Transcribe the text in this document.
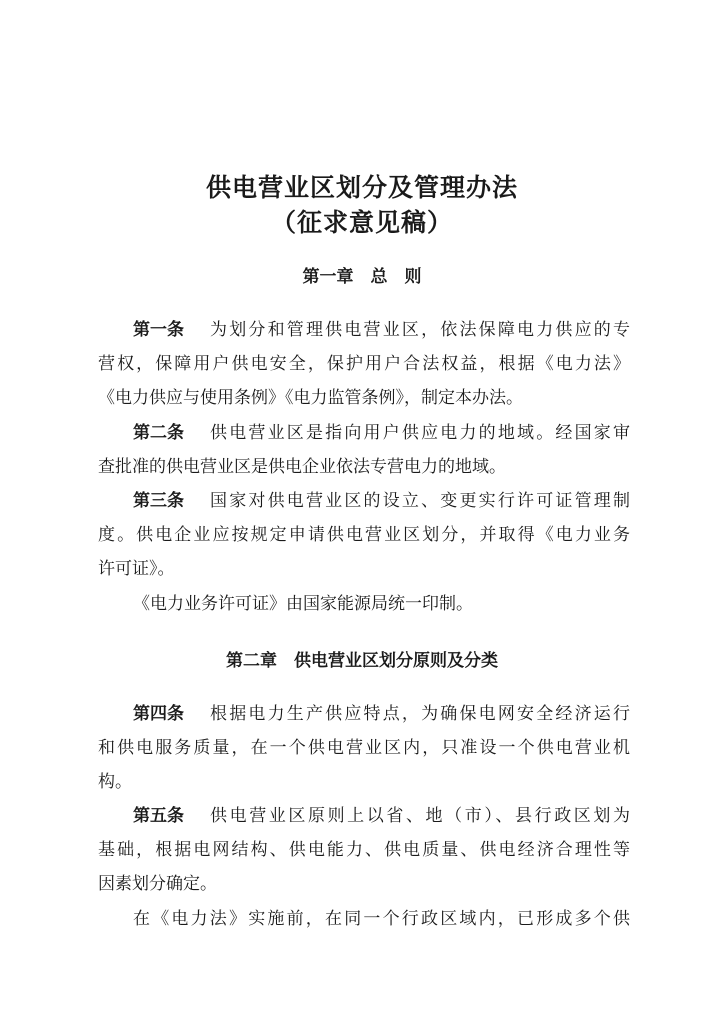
供电营业区划分及管理办法
（征求意见稿）
第一章　总　则
第一条 为划分和管理供电营业区，依法保障电力供应的专
营权，保障用户供电安全，保护用户合法权益，根据《电力法》
《电力供应与使用条例》《电力监管条例》，制定本办法。
第二条 供电营业区是指向用户供应电力的地域。经国家审
查批准的供电营业区是供电企业依法专营电力的地域。
第三条 国家对供电营业区的设立、变更实行许可证管理制
度。供电企业应按规定申请供电营业区划分，并取得《电力业务
许可证》。
《电力业务许可证》由国家能源局统一印制。
第二章　供电营业区划分原则及分类
第四条 根据电力生产供应特点，为确保电网安全经济运行
和供电服务质量，在一个供电营业区内，只准设一个供电营业机
构。
第五条 供电营业区原则上以省、地（市）、县行政区划为
基础，根据电网结构、供电能力、供电质量、供电经济合理性等
因素划分确定。
在《电力法》实施前，在同一个行政区域内，已形成多个供
